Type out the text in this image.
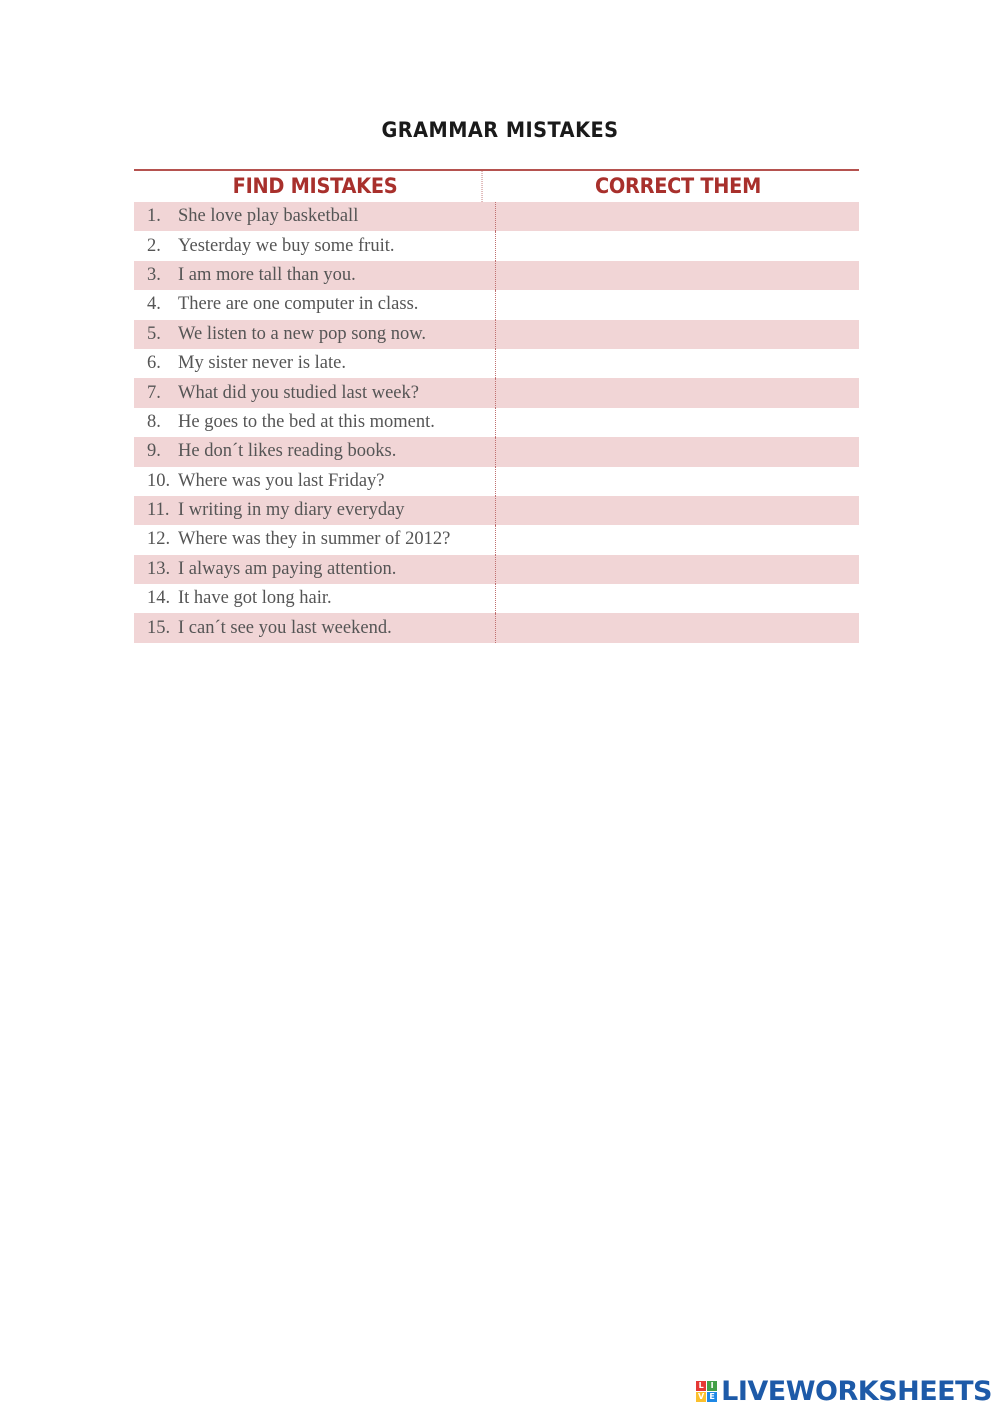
GRAMMAR MISTAKES
FIND MISTAKES	CORRECT THEM
1. She love play basketball
2. Yesterday we buy some fruit.
3. I am more tall than you.
4. There are one computer in class.
5. We listen to a new pop song now.
6. My sister never is late.
7. What did you studied last week?
8. He goes to the bed at this moment.
9. He don´t likes reading books.
10. Where was you last Friday?
11. I writing in my diary everyday
12. Where was they in summer of 2012?
13. I always am paying attention.
14. It have got long hair.
15. I can´t see you last weekend.
L I
V E LIVEWORKSHEETS
